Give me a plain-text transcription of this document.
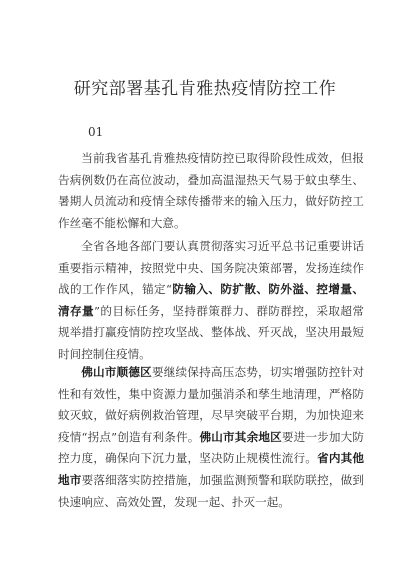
研究部署基孔肯雅热疫情防控工作
01

当前我省基孔肯雅热疫情防控已取得阶段性成效，但报告病例数仍在高位波动，叠加高温湿热天气易于蚊虫孳生、暑期人员流动和疫情全球传播带来的输入压力，做好防控工作丝毫不能松懈和大意。

全省各地各部门要认真贯彻落实习近平总书记重要讲话重要指示精神，按照党中央、国务院决策部署，发扬连续作战的工作作风，锚定“防输入、防扩散、防外溢、控增量、清存量”的目标任务，坚持群策群力、群防群控，采取超常规举措打赢疫情防控攻坚战、整体战、歼灭战，坚决用最短时间控制住疫情。

佛山市顺德区要继续保持高压态势，切实增强防控针对性和有效性，集中资源力量加强消杀和孳生地清理，严格防蚊灭蚊，做好病例救治管理，尽早突破平台期，为加快迎来疫情“拐点”创造有利条件。佛山市其余地区要进一步加大防控力度，确保向下沉力量，坚决防止规模性流行。省内其他地市要落细落实防控措施，加强监测预警和联防联控，做到快速响应、高效处置，发现一起、扑灭一起。
